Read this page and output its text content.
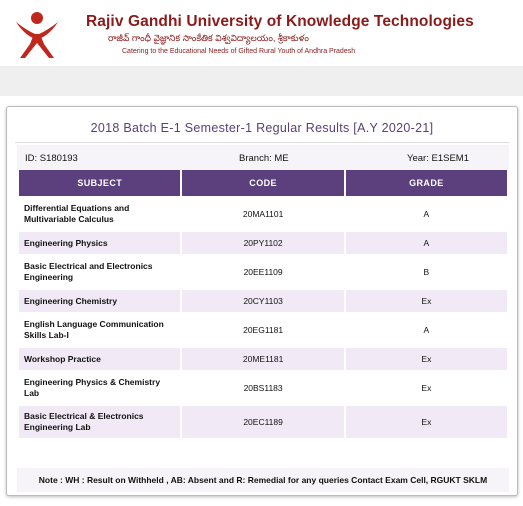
Rajiv Gandhi University of Knowledge Technologies
రాజీవ్ గాంధీ వైజ్ఞానిక సాంకేతిక విశ్వవిద్యాలయం, శ్రీకాకుళం
Catering to the Educational Needs of Gifted Rural Youth of Andhra Pradesh
2018 Batch E-1 Semester-1 Regular Results [A.Y 2020-21]
ID: S180193	Branch: ME	Year: E1SEM1
SUBJECT	CODE	GRADE
Differential Equations and Multivariable Calculus	20MA1101	A
Engineering Physics	20PY1102	A
Basic Electrical and Electronics Engineering	20EE1109	B
Engineering Chemistry	20CY1103	Ex
English Language Communication Skills Lab-I	20EG1181	A
Workshop Practice	20ME1181	Ex
Engineering Physics & Chemistry Lab	20BS1183	Ex
Basic Electrical & Electronics Engineering Lab	20EC1189	Ex
Note : WH : Result on Withheld , AB: Absent and R: Remedial for any queries Contact Exam Cell, RGUKT SKLM
